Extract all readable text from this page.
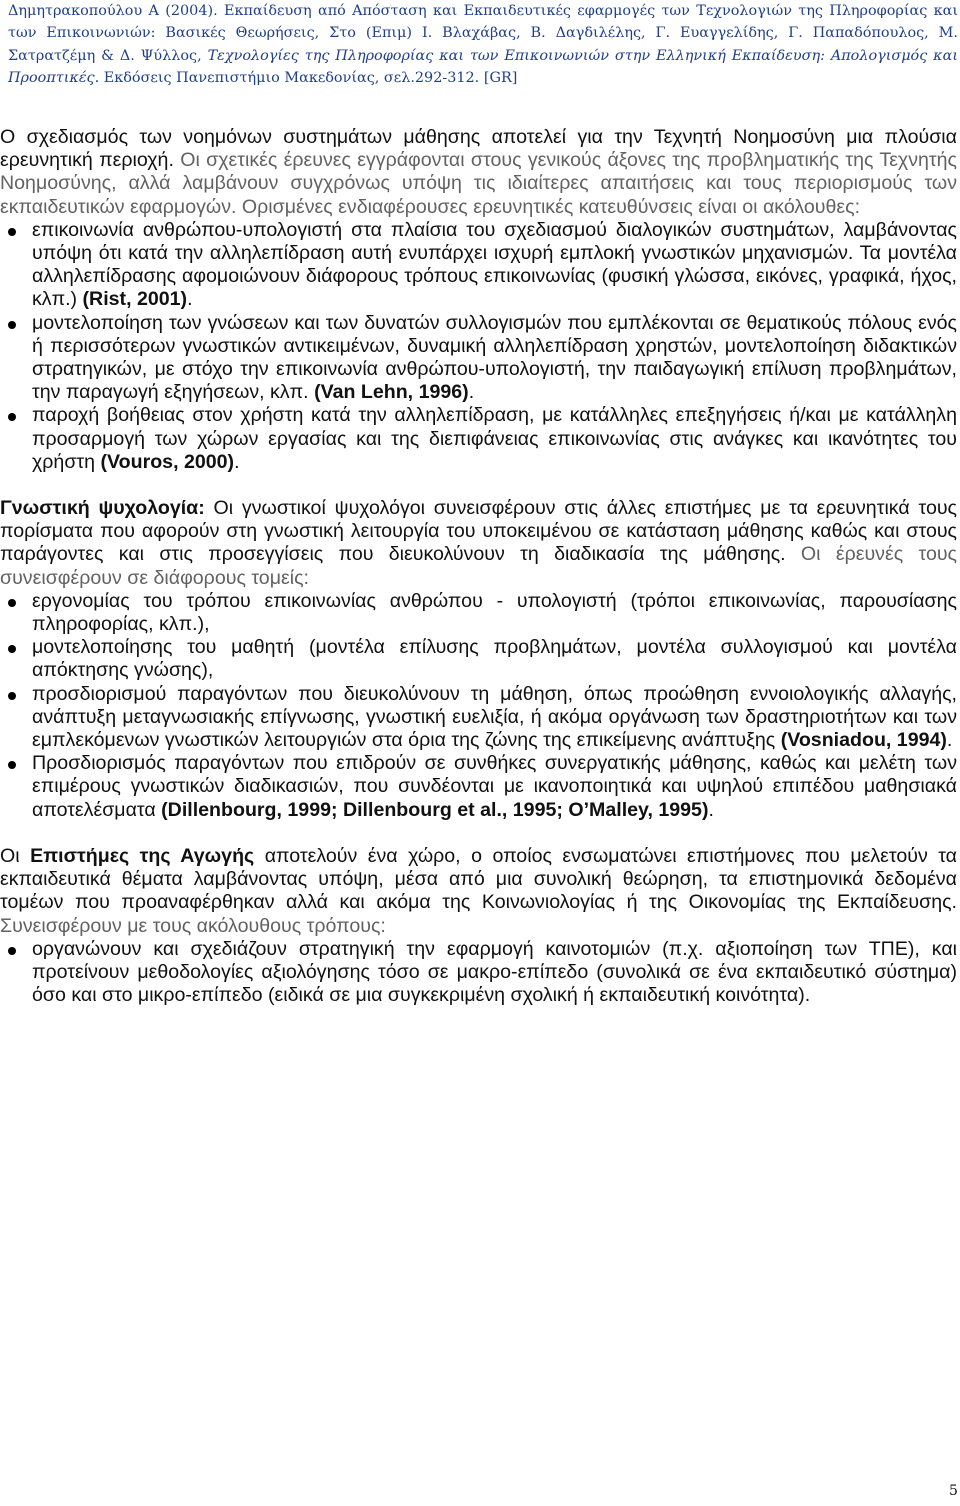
Δημητρακοπούλου Α (2004). Εκπαίδευση από Απόσταση και Εκπαιδευτικές εφαρμογές των Τεχνολογιών της Πληροφορίας και των Επικοινωνιών: Βασικές Θεωρήσεις, Στο (Επιμ) Ι. Βλαχάβας, Β. Δαγδιλέλης, Γ. Ευαγγελίδης, Γ. Παπαδόπουλος, Μ. Σατρατζέμη & Δ. Ψύλλος, Τεχνολογίες της Πληροφορίας και των Επικοινωνιών στην Ελληνική Εκπαίδευση: Απολογισμός και Προοπτικές. Εκδόσεις Πανεπιστήμιο Μακεδονίας, σελ.292-312. [GR]

Ο σχεδιασμός των νοημόνων συστημάτων μάθησης αποτελεί για την Τεχνητή Νοημοσύνη μια πλούσια ερευνητική περιοχή. Οι σχετικές έρευνες εγγράφονται στους γενικούς άξονες της προβληματικής της Τεχνητής Νοημοσύνης, αλλά λαμβάνουν συγχρόνως υπόψη τις ιδιαίτερες απαιτήσεις και τους περιορισμούς των εκπαιδευτικών εφαρμογών. Ορισμένες ενδιαφέρουσες ερευνητικές κατευθύνσεις είναι οι ακόλουθες:

επικοινωνία ανθρώπου-υπολογιστή στα πλαίσια του σχεδιασμού διαλογικών συστημάτων, λαμβάνοντας υπόψη ότι κατά την αλληλεπίδραση αυτή ενυπάρχει ισχυρή εμπλοκή γνωστικών μηχανισμών. Τα μοντέλα αλληλεπίδρασης αφομοιώνουν διάφορους τρόπους επικοινωνίας (φυσική γλώσσα, εικόνες, γραφικά, ήχος, κλπ.) (Rist, 2001).
μοντελοποίηση των γνώσεων και των δυνατών συλλογισμών που εμπλέκονται σε θεματικούς πόλους ενός ή περισσότερων γνωστικών αντικειμένων, δυναμική αλληλεπίδραση χρηστών, μοντελοποίηση διδακτικών στρατηγικών, με στόχο την επικοινωνία ανθρώπου-υπολογιστή, την παιδαγωγική επίλυση προβλημάτων, την παραγωγή εξηγήσεων, κλπ. (Van Lehn, 1996).
παροχή βοήθειας στον χρήστη κατά την αλληλεπίδραση, με κατάλληλες επεξηγήσεις ή/και με κατάλληλη προσαρμογή των χώρων εργασίας και της διεπιφάνειας επικοινωνίας στις ανάγκες και ικανότητες του χρήστη (Vouros, 2000).

Γνωστική ψυχολογία: Οι γνωστικοί ψυχολόγοι συνεισφέρουν στις άλλες επιστήμες με τα ερευνητικά τους πορίσματα που αφορούν στη γνωστική λειτουργία του υποκειμένου σε κατάσταση μάθησης καθώς και στους παράγοντες και στις προσεγγίσεις που διευκολύνουν τη διαδικασία της μάθησης. Οι έρευνές τους συνεισφέρουν σε διάφορους τομείς:

εργονομίας του τρόπου επικοινωνίας ανθρώπου - υπολογιστή (τρόποι επικοινωνίας, παρουσίασης πληροφορίας, κλπ.),
μοντελοποίησης του μαθητή (μοντέλα επίλυσης προβλημάτων, μοντέλα συλλογισμού και μοντέλα απόκτησης γνώσης),
προσδιορισμού παραγόντων που διευκολύνουν τη μάθηση, όπως προώθηση εννοιολογικής αλλαγής, ανάπτυξη μεταγνωσιακής επίγνωσης, γνωστική ευελιξία, ή ακόμα οργάνωση των δραστηριοτήτων και των εμπλεκόμενων γνωστικών λειτουργιών στα όρια της ζώνης της επικείμενης ανάπτυξης (Vosniadou, 1994).
Προσδιορισμός παραγόντων που επιδρούν σε συνθήκες συνεργατικής μάθησης, καθώς και μελέτη των επιμέρους γνωστικών διαδικασιών, που συνδέονται με ικανοποιητικά και υψηλού επιπέδου μαθησιακά αποτελέσματα (Dillenbourg, 1999; Dillenbourg et al., 1995; O’Malley, 1995).

Οι Επιστήμες της Αγωγής αποτελούν ένα χώρο, ο οποίος ενσωματώνει επιστήμονες που μελετούν τα εκπαιδευτικά θέματα λαμβάνοντας υπόψη, μέσα από μια συνολική θεώρηση, τα επιστημονικά δεδομένα τομέων που προαναφέρθηκαν αλλά και ακόμα της Κοινωνιολογίας ή της Οικονομίας της Εκπαίδευσης. Συνεισφέρουν με τους ακόλουθους τρόπους:

οργανώνουν και σχεδιάζουν στρατηγική την εφαρμογή καινοτομιών (π.χ. αξιοποίηση των ΤΠΕ), και προτείνουν μεθοδολογίες αξιολόγησης τόσο σε μακρο-επίπεδο (συνολικά σε ένα εκπαιδευτικό σύστημα) όσο και στο μικρο-επίπεδο (ειδικά σε μια συγκεκριμένη σχολική ή εκπαιδευτική κοινότητα).
5
